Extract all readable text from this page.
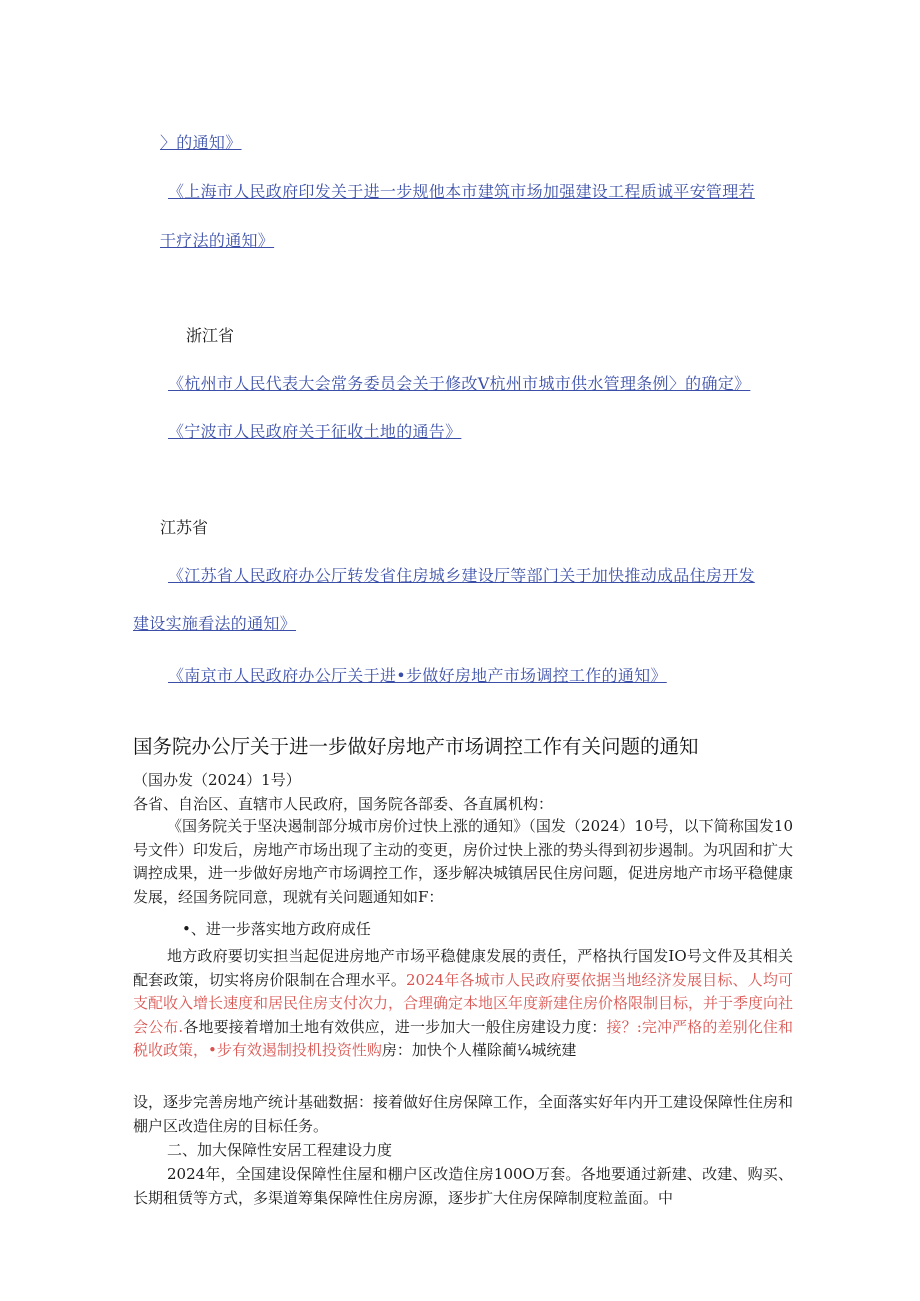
〉的通知》
《上海市人民政府印发关于进一步规他本市建筑市场加强建设工程质诚平安管理若
干疗法的通知》
浙江省
《杭州市人民代表大会常务委员会关于修改V杭州市城市供水管理条例〉的确定》
《宁波市人民政府关于征收土地的通告》
江苏省
《江苏省人民政府办公厅转发省住房城乡建设厅等部门关于加快推动成品住房开发
建设实施看法的通知》
《南京市人民政府办公厅关于进•步做好房地产市场调控工作的通知》
国务院办公厅关于进一步做好房地产市场调控工作有关问题的通知
（国办发（2024）1号）
各省、自治区、直辖市人民政府，国务院各部委、各直属机构：
《国务院关于坚决遏制部分城市房价过快上涨的通知》（国发（2024）10号，以下简称国发10号文件）印发后，房地产市场出现了主动的变更，房价过快上涨的势头得到初步遏制。为巩固和扩大调控成果，进一步做好房地产市场调控工作，逐步解决城镇居民住房问题，促进房地产市场平稳健康发展，经国务院同意，现就有关问题通知如F：
•、进一步落实地方政府成任
地方政府要切实担当起促进房地产市场平稳健康发展的责任，严格执行国发IO号文件及其相关配套政策，切实将房价限制在合理水平。2024年各城市人民政府要依据当地经济发展目标、人均可支配收入增长速度和居民住房支付次力，合理确定本地区年度新建住房价格限制目标，并于季度向社会公布.各地要接着增加土地有效供应，进一步加大一般住房建设力度：接？:完冲严格的差别化住和税收政策，•步有效遏制投机投资性购房：加快个人槿除蔺¼城统建
设，逐步完善房地产统计基础数据：接着做好住房保障工作，全面落实好年内开工建设保障性住房和棚户区改造住房的目标任务。
二、加大保障性安居工程建设力度
2024年，全国建设保障性住屋和棚户区改造住房100O万套。各地要通过新建、改建、购买、长期租赁等方式，多渠道筹集保障性住房房源，逐步扩大住房保障制度粒盖面。中
